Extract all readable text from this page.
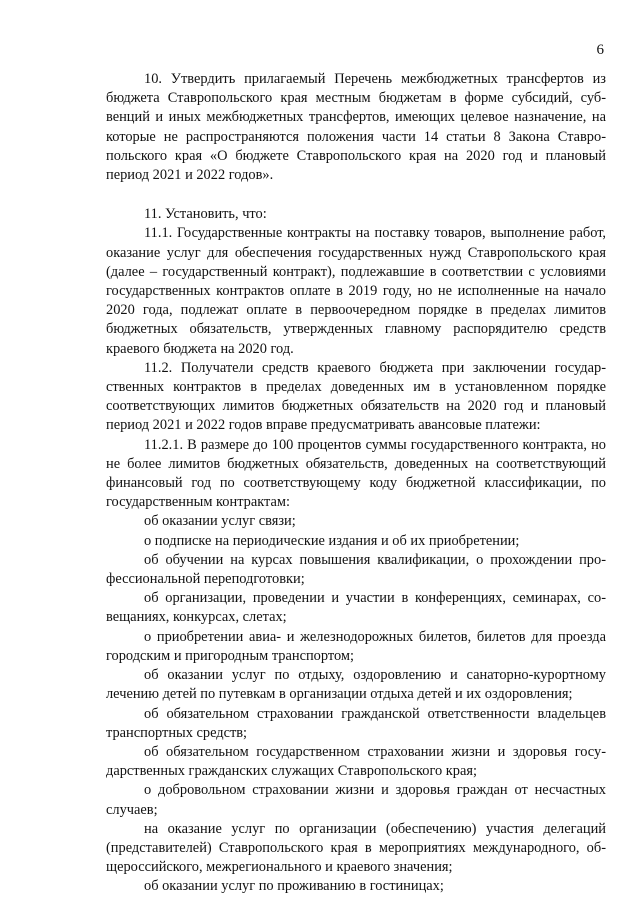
6

10. Утвердить прилагаемый Перечень межбюджетных трансфертов из бюджета Ставропольского края местным бюджетам в форме субсидий, субвенций и иных межбюджетных трансфертов, имеющих целевое назначение, на которые не распространяются положения части 14 статьи 8 Закона Ставропольского края «О бюджете Ставропольского края на 2020 год и плановый период 2021 и 2022 годов».

11. Установить, что:

11.1. Государственные контракты на поставку товаров, выполнение работ, оказание услуг для обеспечения государственных нужд Ставропольского края (далее – государственный контракт), подлежавшие в соответствии с условиями государственных контрактов оплате в 2019 году, но не исполненные на начало 2020 года, подлежат оплате в первоочередном порядке в пределах лимитов бюджетных обязательств, утвержденных главному распорядителю средств краевого бюджета на 2020 год.

11.2. Получатели средств краевого бюджета при заключении государственных контрактов в пределах доведенных им в установленном порядке соответствующих лимитов бюджетных обязательств на 2020 год и плановый период 2021 и 2022 годов вправе предусматривать авансовые платежи:

11.2.1. В размере до 100 процентов суммы государственного контракта, но не более лимитов бюджетных обязательств, доведенных на соответствующий финансовый год по соответствующему коду бюджетной классификации, по государственным контрактам:

об оказании услуг связи;

о подписке на периодические издания и об их приобретении;

об обучении на курсах повышения квалификации, о прохождении профессиональной переподготовки;

об организации, проведении и участии в конференциях, семинарах, совещаниях, конкурсах, слетах;

о приобретении авиа- и железнодорожных билетов, билетов для проезда городским и пригородным транспортом;

об оказании услуг по отдыху, оздоровлению и санаторно-курортному лечению детей по путевкам в организации отдыха детей и их оздоровления;

об обязательном страховании гражданской ответственности владельцев транспортных средств;

об обязательном государственном страховании жизни и здоровья государственных гражданских служащих Ставропольского края;

о добровольном страховании жизни и здоровья граждан от несчастных случаев;

на оказание услуг по организации (обеспечению) участия делегаций (представителей) Ставропольского края в мероприятиях международного, общероссийского, межрегионального и краевого значения;

об оказании услуг по проживанию в гостиницах;
